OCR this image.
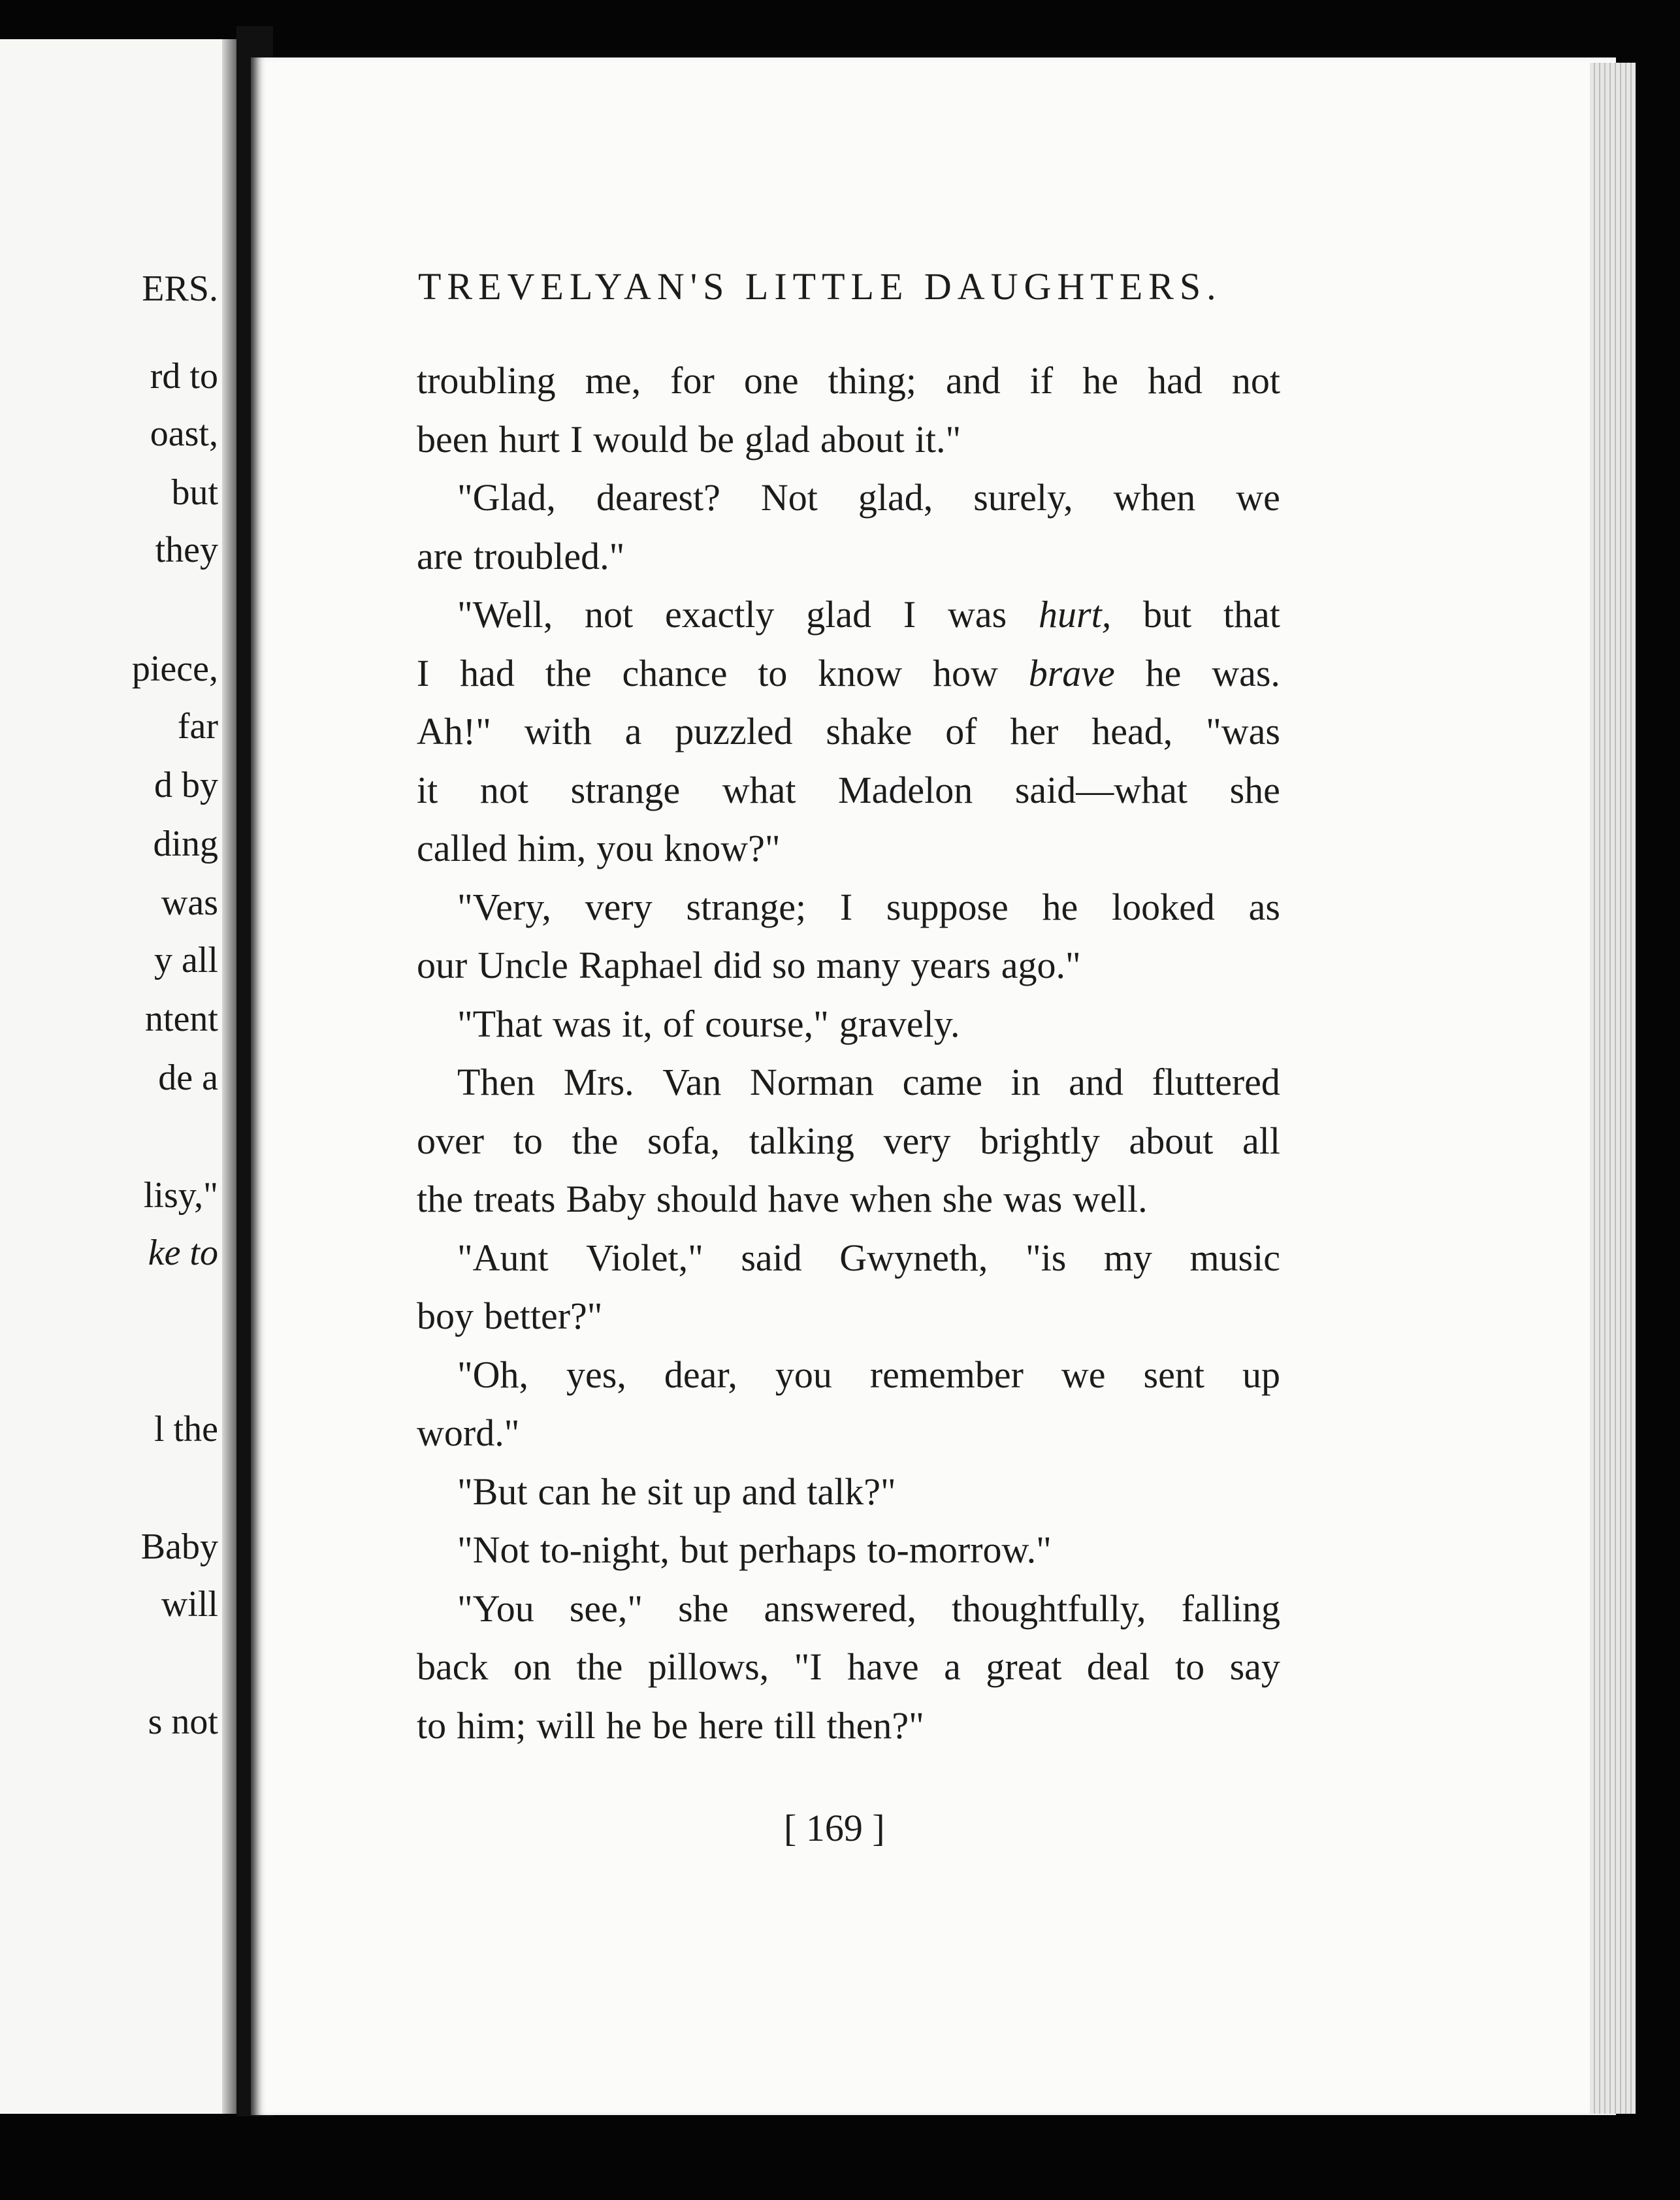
ERS.
rd to
oast,
but
they
piece,
far
d by
ding
was
y all
ntent
de a
lisy,"
ke to
l the
Baby
will
s not
TREVELYAN'S LITTLE DAUGHTERS.
troubling me, for one thing; and if he had not
been hurt I would be glad about it."
"Glad, dearest? Not glad, surely, when we
are troubled."
"Well, not exactly glad I was hurt, but that
I had the chance to know how brave he was.
Ah!" with a puzzled shake of her head, "was
it not strange what Madelon said—what she
called him, you know?"
"Very, very strange; I suppose he looked as
our Uncle Raphael did so many years ago."
"That was it, of course," gravely.
Then Mrs. Van Norman came in and fluttered
over to the sofa, talking very brightly about all
the treats Baby should have when she was well.
"Aunt Violet," said Gwyneth, "is my music
boy better?"
"Oh, yes, dear, you remember we sent up
word."
"But can he sit up and talk?"
"Not to-night, but perhaps to-morrow."
"You see," she answered, thoughtfully, falling
back on the pillows, "I have a great deal to say
to him; will he be here till then?"
[ 169 ]
